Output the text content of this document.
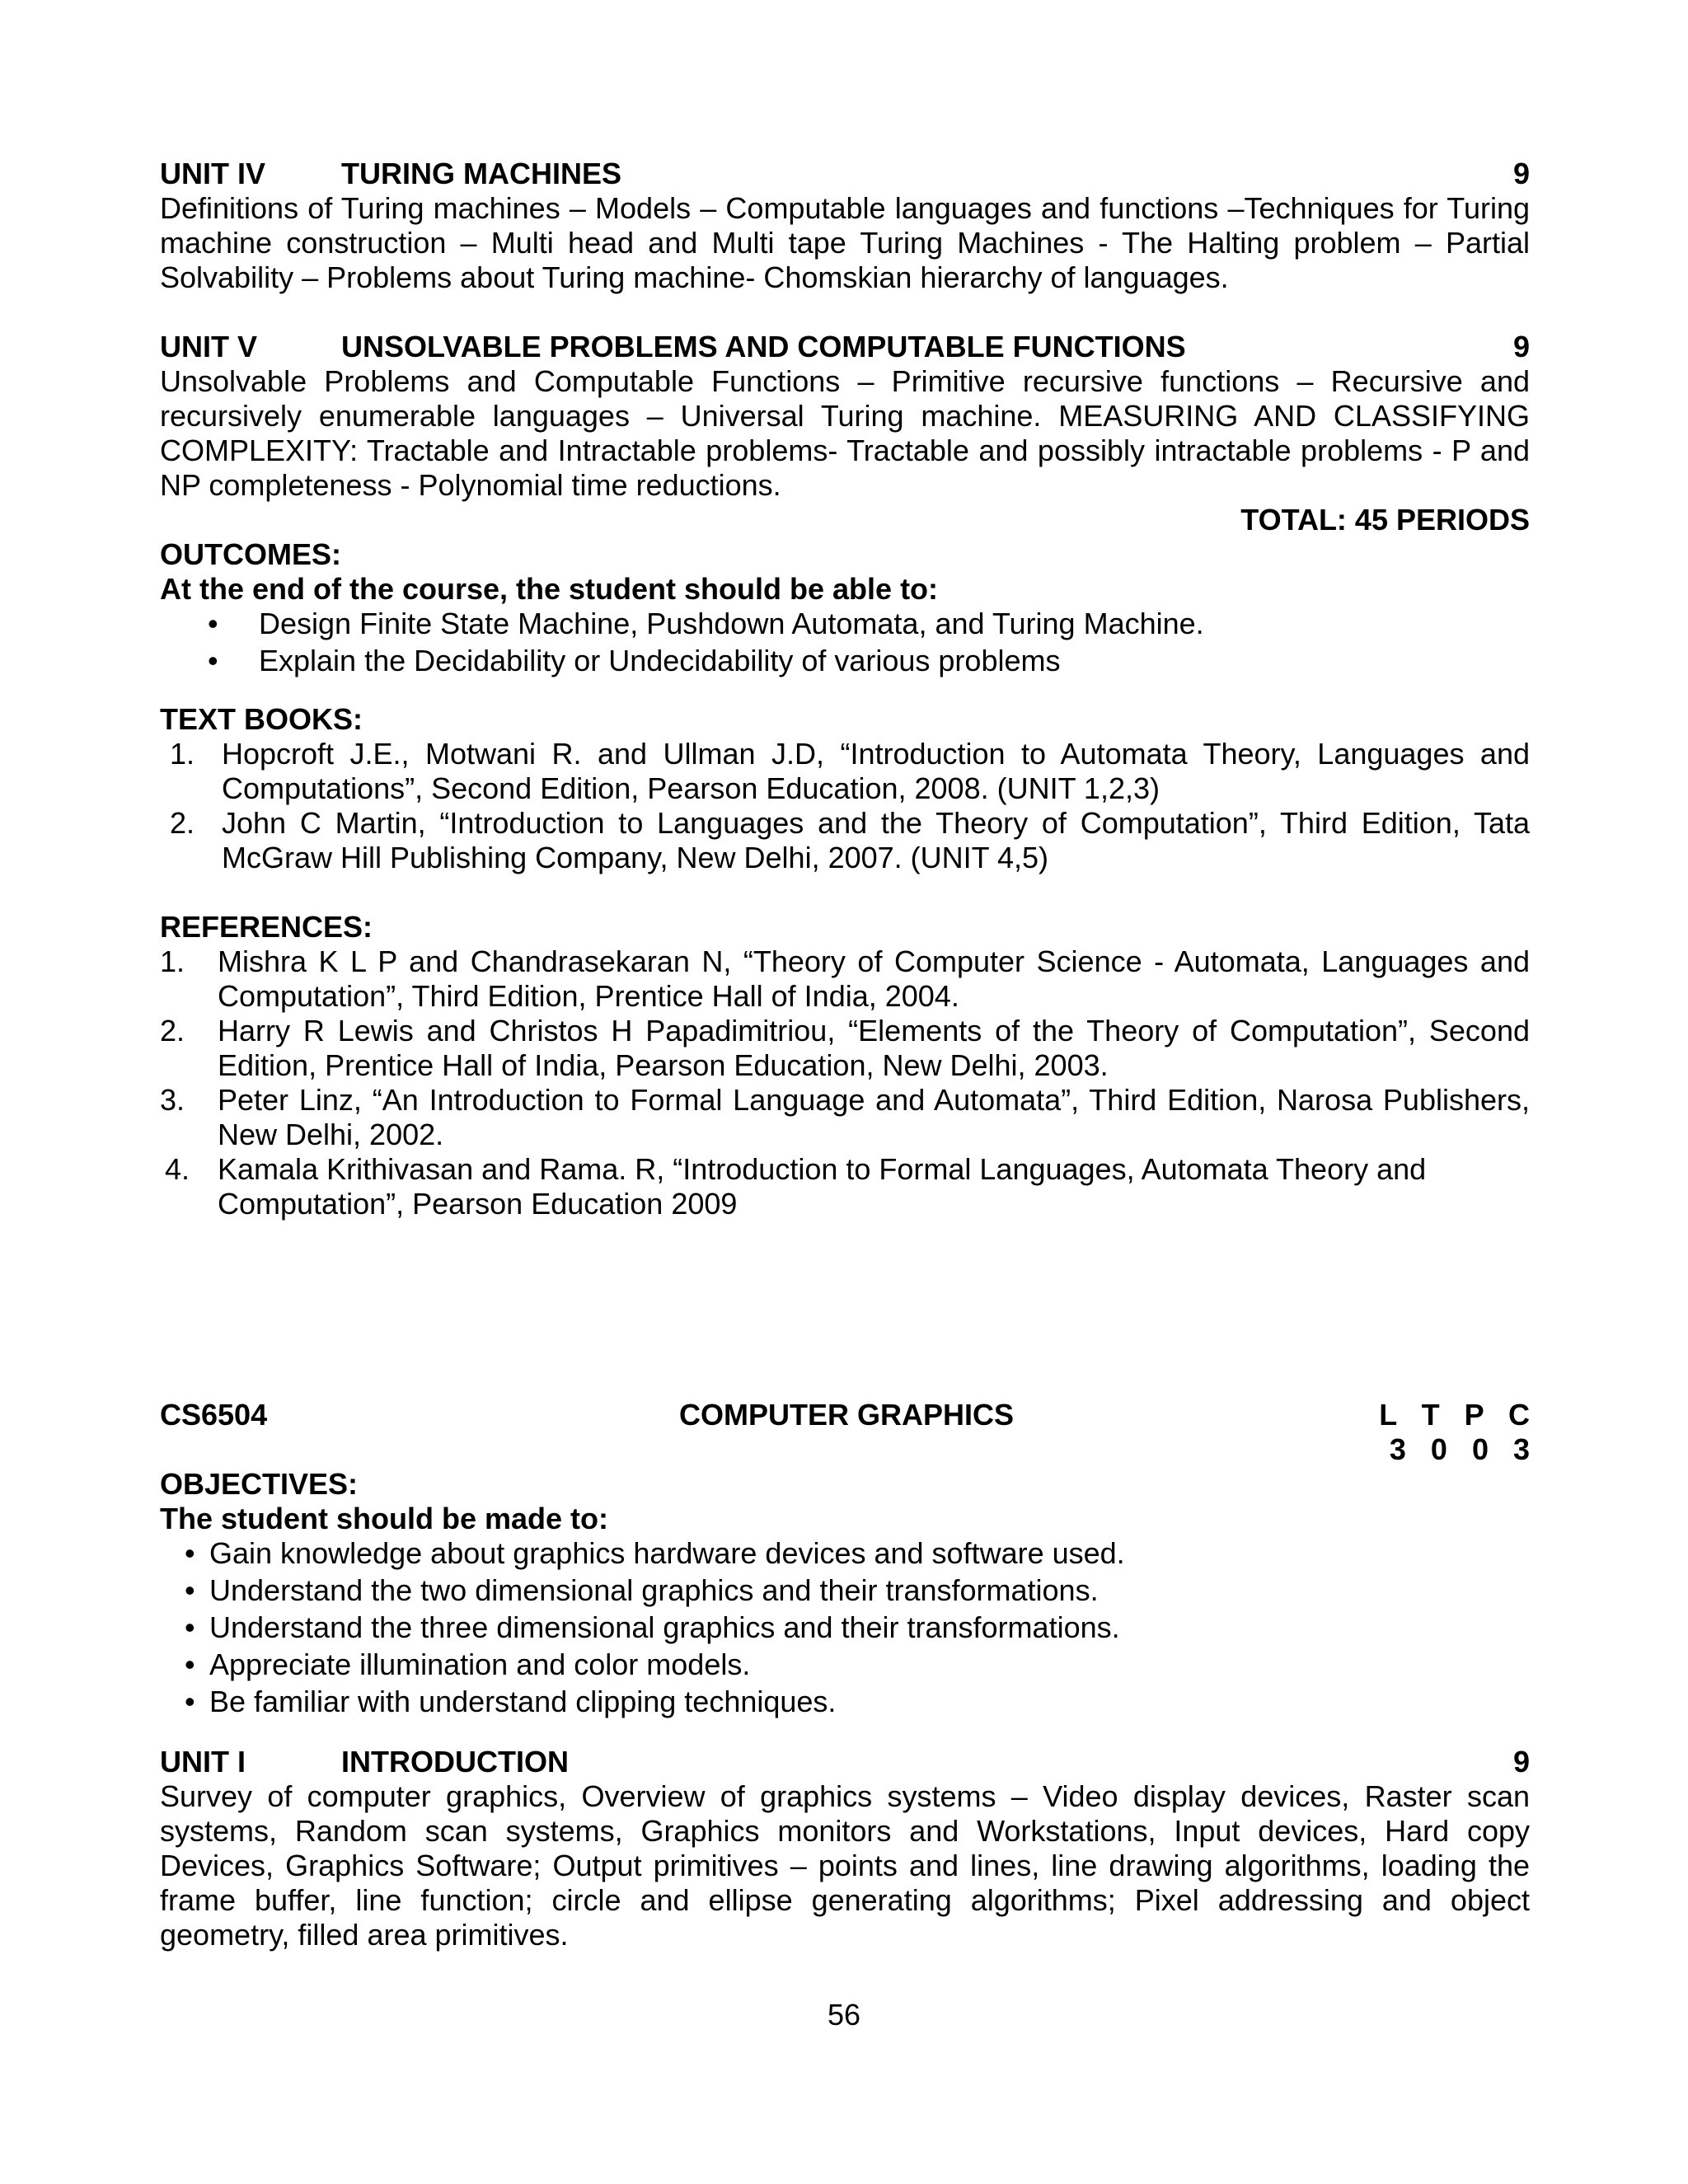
UNIT IV	TURING MACHINES	9
Definitions of Turing machines – Models – Computable languages and functions –Techniques for Turing machine construction – Multi head and Multi tape Turing Machines - The Halting problem – Partial Solvability – Problems about Turing machine- Chomskian hierarchy of languages.
UNIT V	UNSOLVABLE PROBLEMS AND COMPUTABLE FUNCTIONS	9
Unsolvable Problems and Computable Functions – Primitive recursive functions – Recursive and recursively enumerable languages – Universal Turing machine. MEASURING AND CLASSIFYING COMPLEXITY: Tractable and Intractable problems- Tractable and possibly intractable problems - P and NP completeness - Polynomial time reductions.
TOTAL: 45 PERIODS
OUTCOMES:
At the end of the course, the student should be able to:
• Design Finite State Machine, Pushdown Automata, and Turing Machine.
• Explain the Decidability or Undecidability of various problems
TEXT BOOKS:
1. Hopcroft J.E., Motwani R. and Ullman J.D, “Introduction to Automata Theory, Languages and Computations”, Second Edition, Pearson Education, 2008. (UNIT 1,2,3)
2. John C Martin, “Introduction to Languages and the Theory of Computation”, Third Edition, Tata McGraw Hill Publishing Company, New Delhi, 2007. (UNIT 4,5)
REFERENCES:
1. Mishra K L P and Chandrasekaran N, “Theory of Computer Science - Automata, Languages and Computation”, Third Edition, Prentice Hall of India, 2004.
2. Harry R Lewis and Christos H Papadimitriou, “Elements of the Theory of Computation”, Second Edition, Prentice Hall of India, Pearson Education, New Delhi, 2003.
3. Peter Linz, “An Introduction to Formal Language and Automata”, Third Edition, Narosa Publishers, New Delhi, 2002.
4. Kamala Krithivasan and Rama. R, “Introduction to Formal Languages, Automata Theory and Computation”, Pearson Education 2009
CS6504	COMPUTER GRAPHICS	L T P C
3 0 0 3
OBJECTIVES:
The student should be made to:
• Gain knowledge about graphics hardware devices and software used.
• Understand the two dimensional graphics and their transformations.
• Understand the three dimensional graphics and their transformations.
• Appreciate illumination and color models.
• Be familiar with understand clipping techniques.
UNIT I	INTRODUCTION	9
Survey of computer graphics, Overview of graphics systems – Video display devices, Raster scan systems, Random scan systems, Graphics monitors and Workstations, Input devices, Hard copy Devices, Graphics Software; Output primitives – points and lines, line drawing algorithms, loading the frame buffer, line function; circle and ellipse generating algorithms; Pixel addressing and object geometry, filled area primitives.
56
